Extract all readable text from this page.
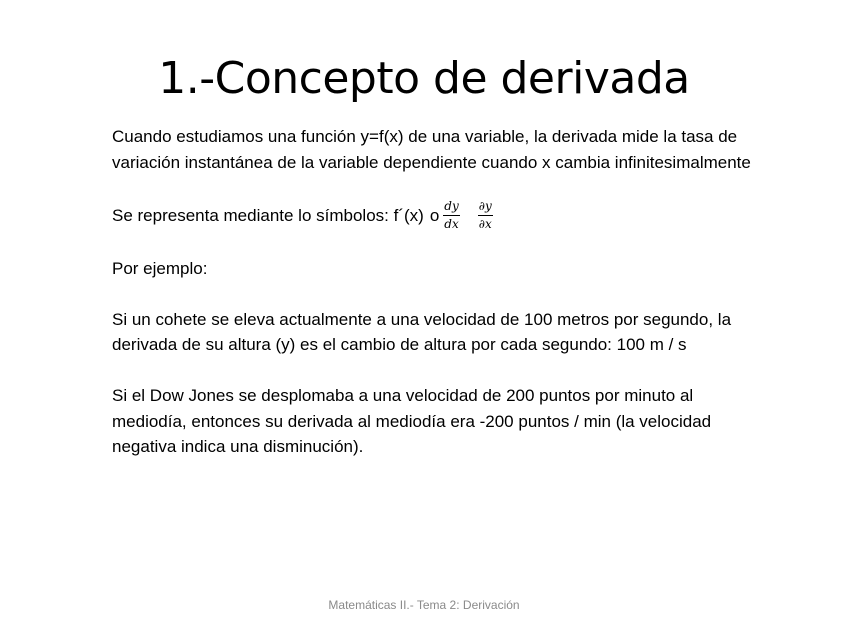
1.-Concepto de derivada

Cuando estudiamos una función y=f(x) de una variable, la derivada mide la tasa de variación instantánea de la variable dependiente cuando x cambia infinitesimalmente

Se representa mediante lo símbolos: f´(x) o $\frac{dy}{dx} \frac{\partial y}{\partial x}$

Por ejemplo:

Si un cohete se eleva actualmente a una velocidad de 100 metros por segundo, la derivada de su altura (y) es el cambio de altura por cada segundo: 100 m / s

Si el Dow Jones se desplomaba a una velocidad de 200 puntos por minuto al mediodía, entonces su derivada al mediodía era -200 puntos / min (la velocidad negativa indica una disminución).

Matemáticas II.- Tema 2: Derivación
